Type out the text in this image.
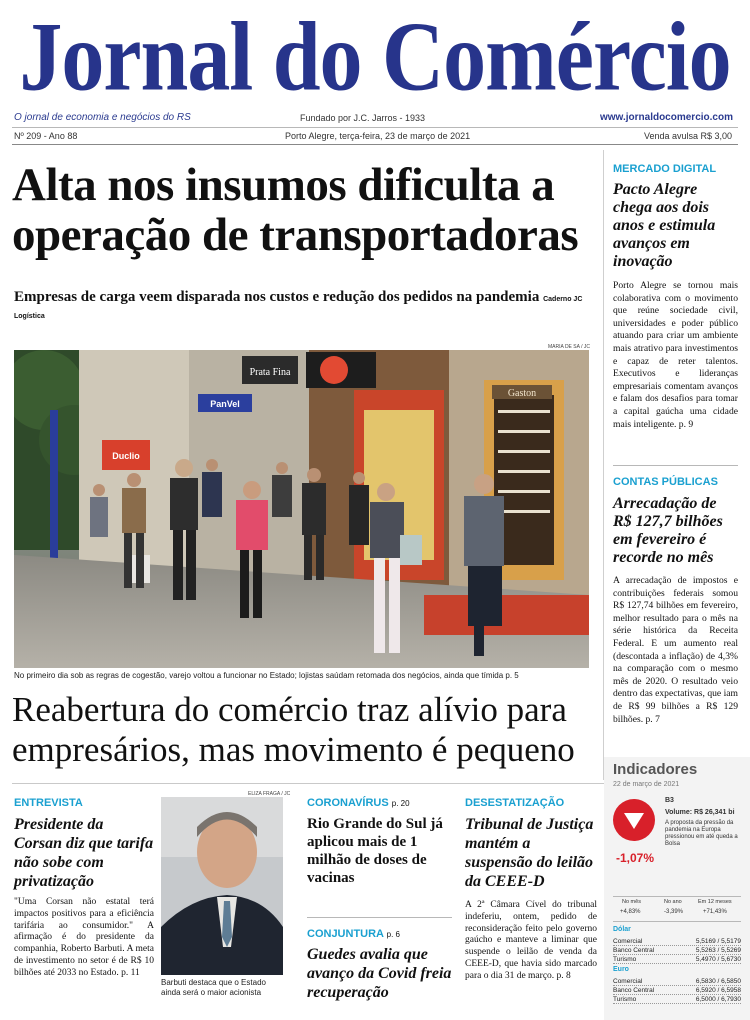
Jornal do Comércio
O jornal de economia e negócios do RS	Fundado por J.C. Jarros - 1933	www.jornaldocomercio.com
Nº 209 - Ano 88	Porto Alegre, terça-feira, 23 de março de 2021	Venda avulsa R$ 3,00
Alta nos insumos dificulta a operação de transportadoras
Empresas de carga veem disparada nos custos e redução dos pedidos na pandemia Caderno JC Logística
MARIA DE SA / JC
Prata Fina
PanVel
Gaston
Duclio
No primeiro dia sob as regras de cogestão, varejo voltou a funcionar no Estado; lojistas saúdam retomada dos negócios, ainda que tímida p. 5
Reabertura do comércio traz alívio para empresários, mas movimento é pequeno
MERCADO DIGITAL
Pacto Alegre chega aos dois anos e estimula avanços em inovação
Porto Alegre se tornou mais colaborativa com o movimento que reúne sociedade civil, universidades e poder público atuando para criar um ambiente mais atrativo para investimentos e capaz de reter talentos. Executivos e lideranças empresariais comentam avanços e falam dos desafios para tomar a capital gaúcha uma cidade mais inteligente. p. 9
CONTAS PÚBLICAS
Arrecadação de R$ 127,7 bilhões em fevereiro é recorde no mês
A arrecadação de impostos e contribuições federais somou R$ 127,74 bilhões em fevereiro, melhor resultado para o mês na série histórica da Receita Federal. E um aumento real (descontada a inflação) de 4,3% na comparação com o mesmo mês de 2020. O resultado veio dentro das expectativas, que iam de R$ 99 bilhões a R$ 129 bilhões. p. 7
ENTREVISTA
Presidente da Corsan diz que tarifa não sobe com privatização
"Uma Corsan não estatal terá impactos positivos para a eficiência tarifária ao consumidor." A afirmação é do presidente da companhia, Roberto Barbuti. A meta de investimento no setor é de R$ 10 bilhões até 2033 no Estado. p. 11
ELIZA FRAGA / JC
Barbuti destaca que o Estado ainda será o maior acionista
CORONAVÍRUS p. 20
Rio Grande do Sul já aplicou mais de 1 milhão de doses de vacinas
CONJUNTURA p. 6
Guedes avalia que avanço da Covid freia recuperação
DESESTATIZAÇÃO
Tribunal de Justiça mantém a suspensão do leilão da CEEE-D
A 2ª Câmara Cível do tribunal indeferiu, ontem, pedido de reconsideração feito pelo governo gaúcho e manteve a liminar que suspende o leilão de venda da CEEE-D, que havia sido marcado para o dia 31 de março. p. 8
Indicadores
22 de março de 2021
B3
Volume: R$ 26,341 bi
A proposta da pressão da pandemia na Europa pressionou em até queda a Bolsa
-1,07%
No mês	No ano	Em 12 meses
+4,83%	-3,39%	+71,43%
Dólar
Comercial	5,5169 / 5,5179
Banco Central	5,5263 / 5,5269
Turismo	5,4970 / 5,6730
Euro
Comercial	6,5830 / 6,5850
Banco Central	6,5920 / 6,5958
Turismo	6,5000 / 6,7930
